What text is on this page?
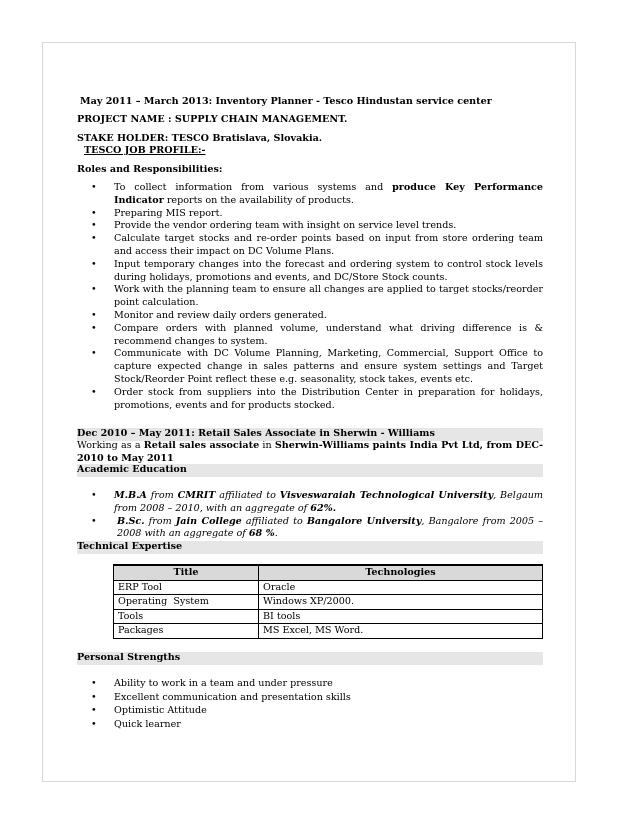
May 2011 – March 2013: Inventory Planner - Tesco Hindustan service center
PROJECT NAME : SUPPLY CHAIN MANAGEMENT.
STAKE HOLDER: TESCO Bratislava, Slovakia.
TESCO JOB PROFILE:-
Roles and Responsibilities:
• To collect information from various systems and produce Key Performance Indicator reports on the availability of products.
• Preparing MIS report.
• Provide the vendor ordering team with insight on service level trends.
• Calculate target stocks and re-order points based on input from store ordering team and access their impact on DC Volume Plans.
• Input temporary changes into the forecast and ordering system to control stock levels during holidays, promotions and events, and DC/Store Stock counts.
• Work with the planning team to ensure all changes are applied to target stocks/reorder point calculation.
• Monitor and review daily orders generated.
• Compare orders with planned volume, understand what driving difference is & recommend changes to system.
• Communicate with DC Volume Planning, Marketing, Commercial, Support Office to capture expected change in sales patterns and ensure system settings and Target Stock/Reorder Point reflect these e.g. seasonality, stock takes, events etc.
• Order stock from suppliers into the Distribution Center in preparation for holidays, promotions, events and for products stocked.
Dec 2010 – May 2011: Retail Sales Associate in Sherwin - Williams
Working as a Retail sales associate in Sherwin-Williams paints India Pvt Ltd, from DEC-2010 to May 2011
Academic Education
• M.B.A from CMRIT affiliated to Visveswaraiah Technological University, Belgaum from 2008 – 2010, with an aggregate of 62%.
• B.Sc. from Jain College affiliated to Bangalore University, Bangalore from 2005 – 2008 with an aggregate of 68 %.
Technical Expertise
Title	Technologies
ERP Tool	Oracle
Operating  System	Windows XP/2000.
Tools	BI tools
Packages	MS Excel, MS Word.
Personal Strengths
• Ability to work in a team and under pressure
• Excellent communication and presentation skills
• Optimistic Attitude
• Quick learner
